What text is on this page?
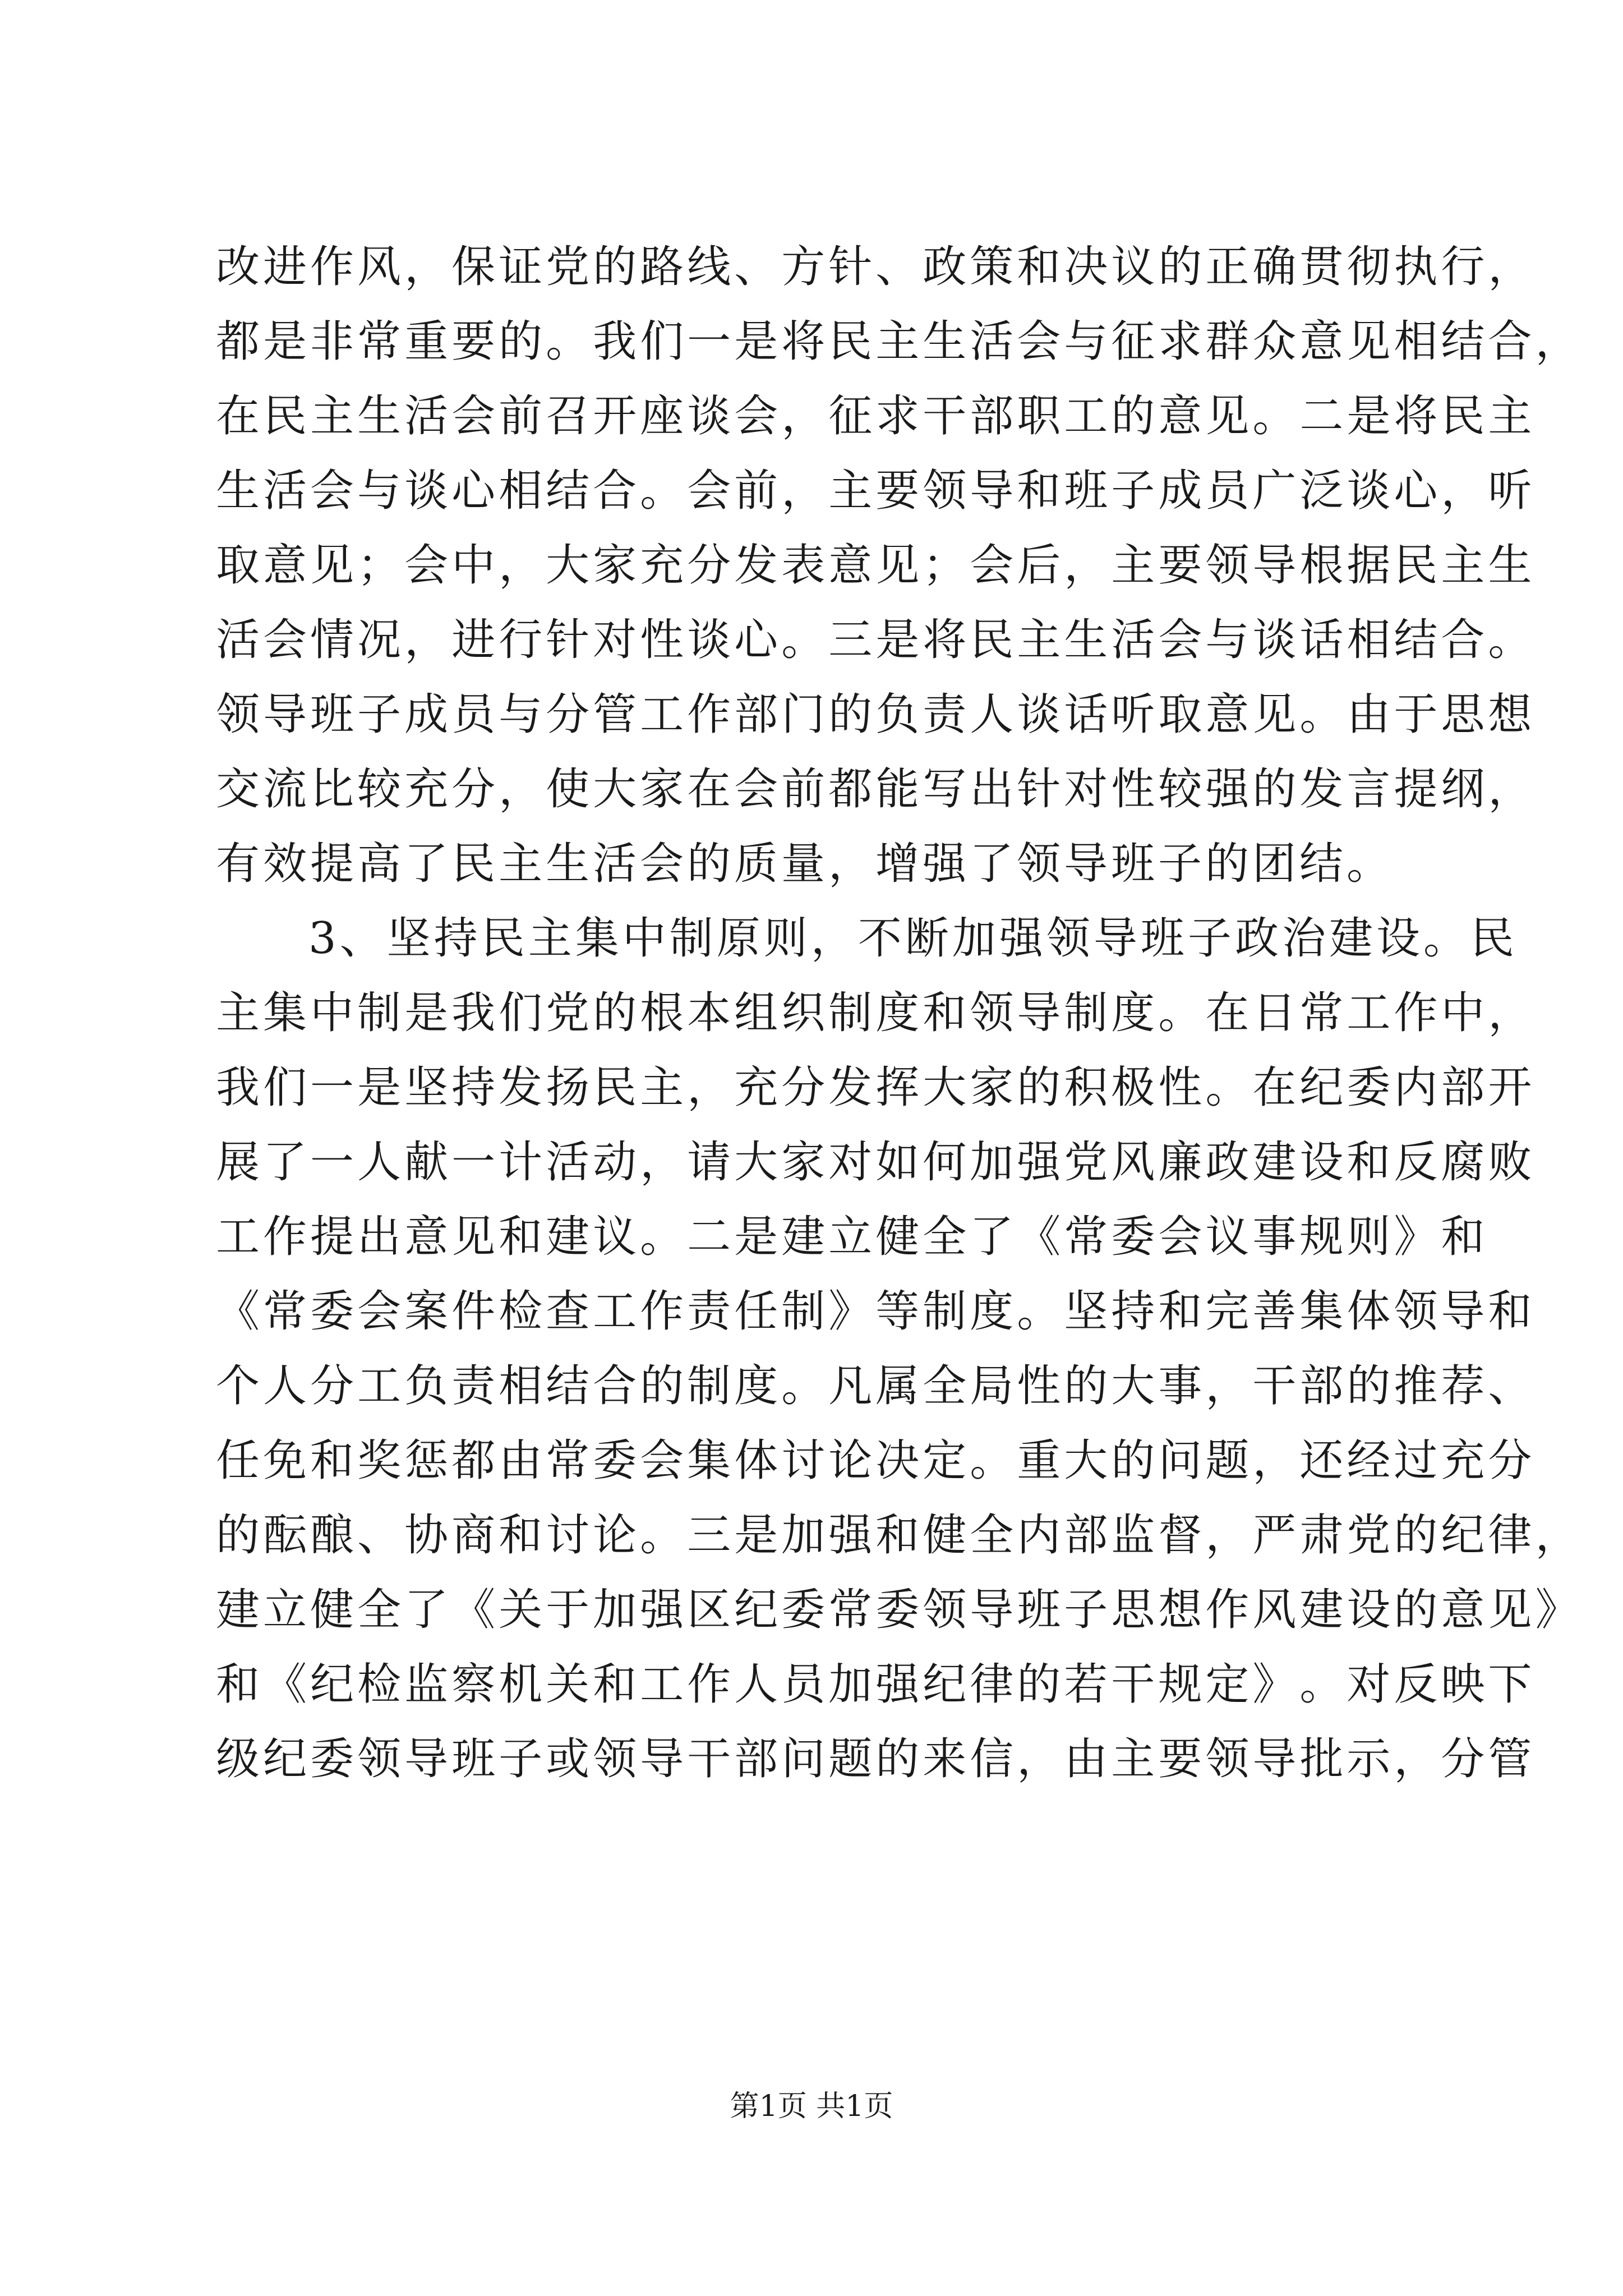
改 进 作 风 ， 保 证 党 的 路 线 、 方 针 、 政 策 和 决 议 的 正 确 贯 彻 执 行 ，
都 是 非 常 重 要 的 。 我 们 一 是 将 民 主 生 活 会 与 征 求 群 众 意 见 相 结 合 ，
在 民 主 生 活 会 前 召 开 座 谈 会 ， 征 求 干 部 职 工 的 意 见 。 二 是 将 民 主
生 活 会 与 谈 心 相 结 合 。 会 前 ， 主 要 领 导 和 班 子 成 员 广 泛 谈 心 ， 听
取 意 见 ； 会 中 ， 大 家 充 分 发 表 意 见 ； 会 后 ， 主 要 领 导 根 据 民 主 生
活 会 情 况 ， 进 行 针 对 性 谈 心 。 三 是 将 民 主 生 活 会 与 谈 话 相 结 合 。
领 导 班 子 成 员 与 分 管 工 作 部 门 的 负 责 人 谈 话 听 取 意 见 。 由 于 思 想
交 流 比 较 充 分 ， 使 大 家 在 会 前 都 能 写 出 针 对 性 较 强 的 发 言 提 纲 ，
有效提高了民主生活会的质量，增强了领导班子的团结。
3 、 坚 持 民 主 集 中 制 原 则 ， 不 断 加 强 领 导 班 子 政 治 建 设 。 民
主 集 中 制 是 我 们 党 的 根 本 组 织 制 度 和 领 导 制 度 。 在 日 常 工 作 中 ，
我 们 一 是 坚 持 发 扬 民 主 ， 充 分 发 挥 大 家 的 积 极 性 。 在 纪 委 内 部 开
展 了 一 人 献 一 计 活 动 ， 请 大 家 对 如 何 加 强 党 风 廉 政 建 设 和 反 腐 败
工 作 提 出 意 见 和 建 议 。 二 是 建 立 健 全 了 《 常 委 会 议 事 规 则 》 和
《 常 委 会 案 件 检 查 工 作 责 任 制 》 等 制 度 。 坚 持 和 完 善 集 体 领 导 和
个 人 分 工 负 责 相 结 合 的 制 度 。 凡 属 全 局 性 的 大 事 ， 干 部 的 推 荐 、
任 免 和 奖 惩 都 由 常 委 会 集 体 讨 论 决 定 。 重 大 的 问 题 ， 还 经 过 充 分
的 酝 酿 、 协 商 和 讨 论 。 三 是 加 强 和 健 全 内 部 监 督 ， 严 肃 党 的 纪 律 ，
建 立 健 全 了 《 关 于 加 强 区 纪 委 常 委 领 导 班 子 思 想 作 风 建 设 的 意 见 》
和 《 纪 检 监 察 机 关 和 工 作 人 员 加 强 纪 律 的 若 干 规 定 》 。 对 反 映 下
级 纪 委 领 导 班 子 或 领 导 干 部 问 题 的 来 信 ， 由 主 要 领 导 批 示 ， 分 管
第1页 共1页
